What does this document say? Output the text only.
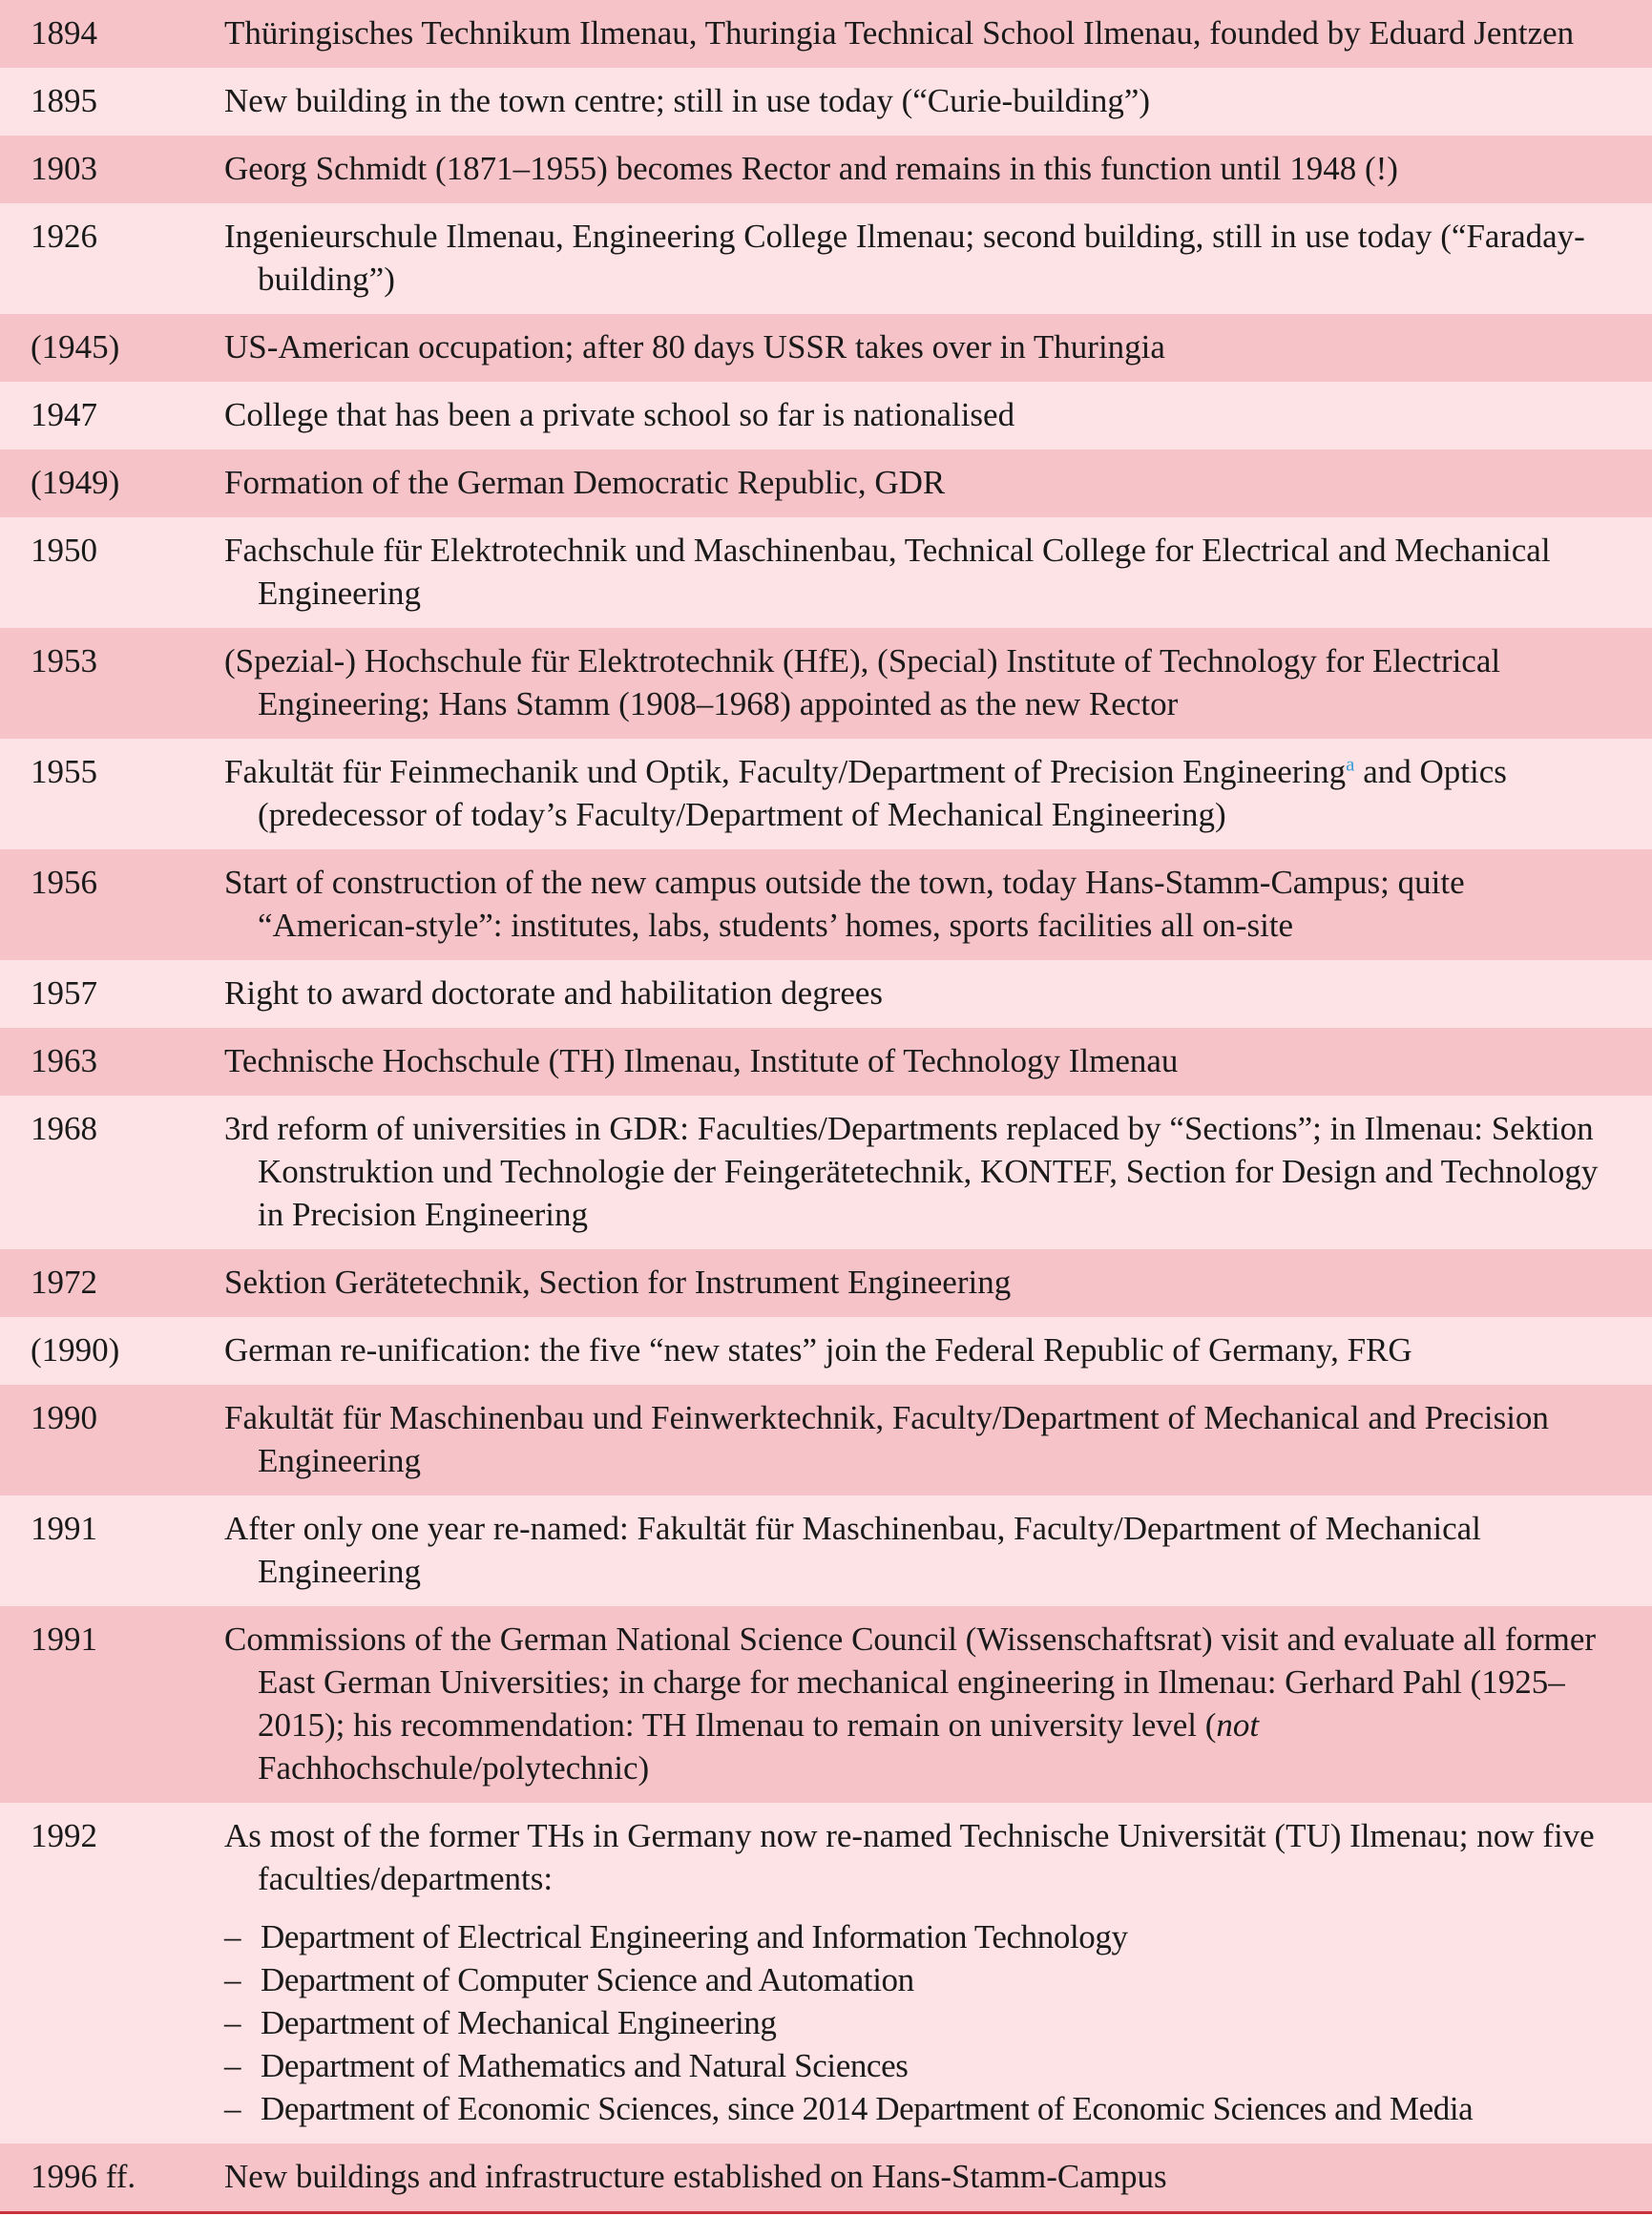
1894	Thüringisches Technikum Ilmenau, Thuringia Technical School Ilmenau, founded by Eduard Jentzen
1895	New building in the town centre; still in use today (“Curie-building”)
1903	Georg Schmidt (1871–1955) becomes Rector and remains in this function until 1948 (!)
1926	Ingenieurschule Ilmenau, Engineering College Ilmenau; second building, still in use today (“Faraday-building”)
(1945)	US-American occupation; after 80 days USSR takes over in Thuringia
1947	College that has been a private school so far is nationalised
(1949)	Formation of the German Democratic Republic, GDR
1950	Fachschule für Elektrotechnik und Maschinenbau, Technical College for Electrical and Mechanical Engineering
1953	(Spezial-) Hochschule für Elektrotechnik (HfE), (Special) Institute of Technology for Electrical Engineering; Hans Stamm (1908–1968) appointed as the new Rector
1955	Fakultät für Feinmechanik und Optik, Faculty/Department of Precision Engineering$^a$ and Optics (predecessor of today’s Faculty/Department of Mechanical Engineering)
1956	Start of construction of the new campus outside the town, today Hans-Stamm-Campus; quite “American-style”: institutes, labs, students’ homes, sports facilities all on-site
1957	Right to award doctorate and habilitation degrees
1963	Technische Hochschule (TH) Ilmenau, Institute of Technology Ilmenau
1968	3rd reform of universities in GDR: Faculties/Departments replaced by “Sections”; in Ilmenau: Sektion Konstruktion und Technologie der Feingerätetechnik, KONTEF, Section for Design and Technology in Precision Engineering
1972	Sektion Gerätetechnik, Section for Instrument Engineering
(1990)	German re-unification: the five “new states” join the Federal Republic of Germany, FRG
1990	Fakultät für Maschinenbau und Feinwerktechnik, Faculty/Department of Mechanical and Precision Engineering
1991	After only one year re-named: Fakultät für Maschinenbau, Faculty/Department of Mechanical Engineering
1991	Commissions of the German National Science Council (Wissenschaftsrat) visit and evaluate all former East German Universities; in charge for mechanical engineering in Ilmenau: Gerhard Pahl (1925–2015); his recommendation: TH Ilmenau to remain on university level (not Fachhochschule/polytechnic)
1992	As most of the former THs in Germany now re-named Technische Universität (TU) Ilmenau; now five faculties/departments:
– Department of Electrical Engineering and Information Technology
– Department of Computer Science and Automation
– Department of Mechanical Engineering
– Department of Mathematics and Natural Sciences
– Department of Economic Sciences, since 2014 Department of Economic Sciences and Media
1996 ff.	New buildings and infrastructure established on Hans-Stamm-Campus
